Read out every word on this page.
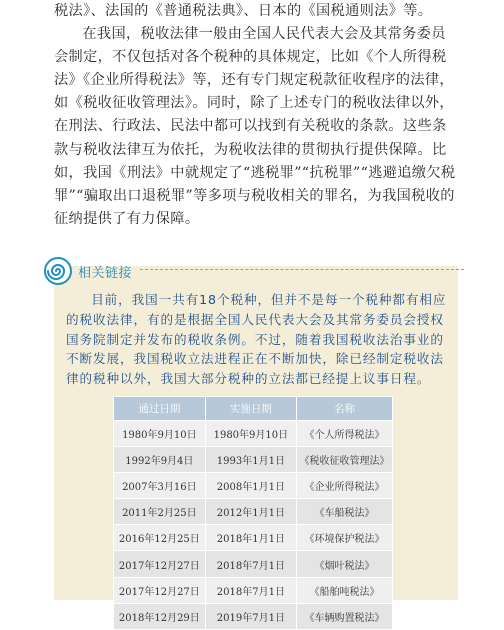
税法》、法国的《普通税法典》、日本的《国税通则法》等。

在我国，税收法律一般由全国人民代表大会及其常务委员会制定，不仅包括对各个税种的具体规定，比如《个人所得税法》《企业所得税法》等，还有专门规定税款征收程序的法律，如《税收征收管理法》。同时，除了上述专门的税收法律以外，在刑法、行政法、民法中都可以找到有关税收的条款。这些条款与税收法律互为依托，为税收法律的贯彻执行提供保障。比如，我国《刑法》中就规定了“逃税罪”“抗税罪”“逃避追缴欠税罪”“骗取出口退税罪”等多项与税收相关的罪名，为我国税收的征纳提供了有力保障。

相关链接

目前，我国一共有18个税种，但并不是每一个税种都有相应的税收法律，有的是根据全国人民代表大会及其常务委员会授权国务院制定并发布的税收条例。不过，随着我国税收法治事业的不断发展，我国税收立法进程正在不断加快，除已经制定税收法律的税种以外，我国大部分税种的立法都已经提上议事日程。

通过日期	实施日期	名称
1980年9月10日	1980年9月10日	《个人所得税法》
1992年9月4日	1993年1月1日	《税收征收管理法》
2007年3月16日	2008年1月1日	《企业所得税法》
2011年2月25日	2012年1月1日	《车船税法》
2016年12月25日	2018年1月1日	《环境保护税法》
2017年12月27日	2018年7月1日	《烟叶税法》
2017年12月27日	2018年7月1日	《船舶吨税法》
2018年12月29日	2019年7月1日	《车辆购置税法》
